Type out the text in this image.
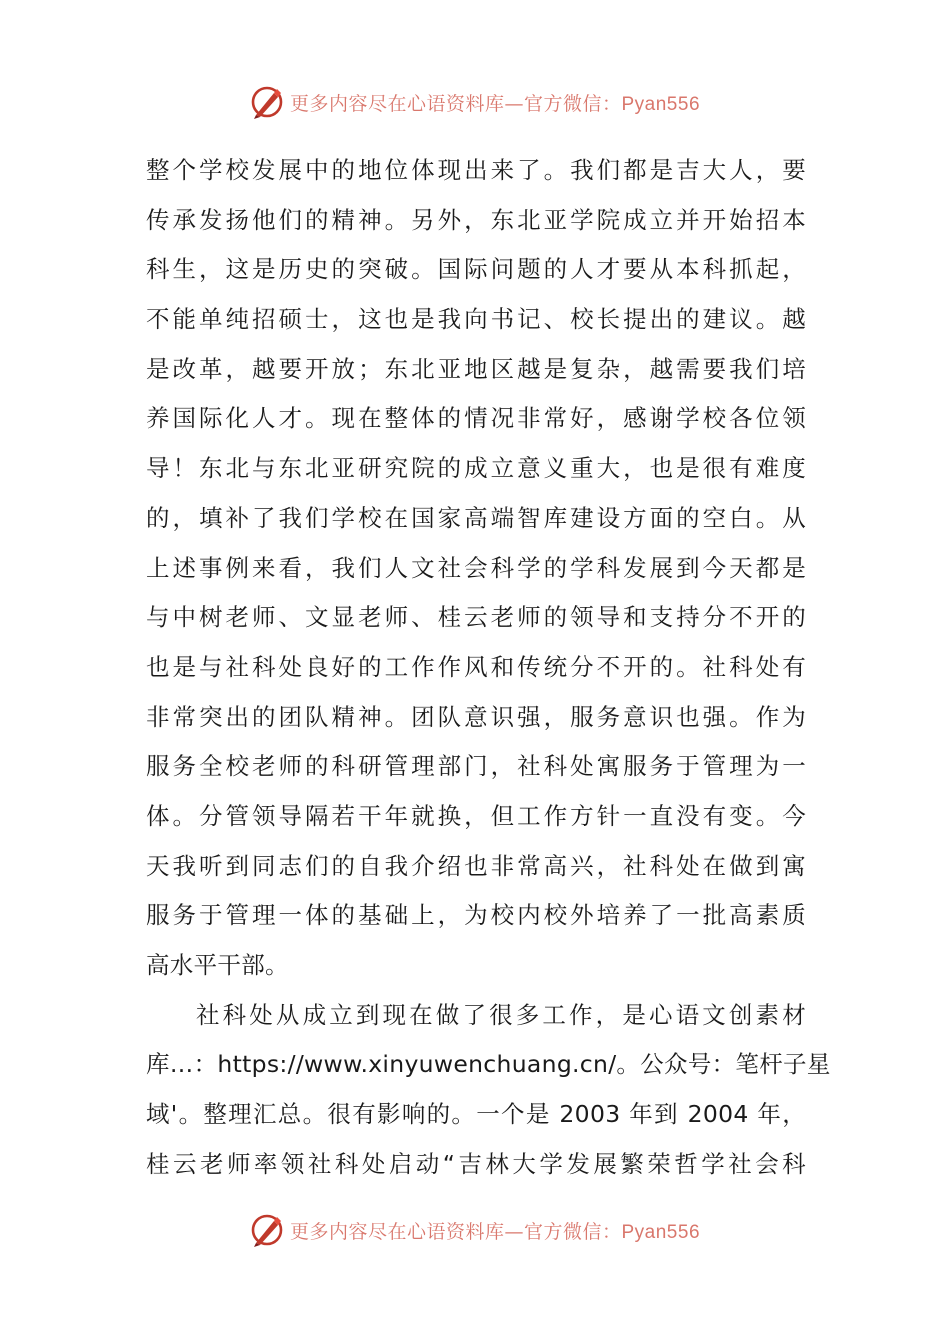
更多内容尽在心语资料库—官方微信：Pyan556
整个学校发展中的地位体现出来了。我们都是吉大人，要
传承发扬他们的精神。另外，东北亚学院成立并开始招本
科生，这是历史的突破。国际问题的人才要从本科抓起，
不能单纯招硕士，这也是我向书记、校长提出的建议。越
是改革，越要开放；东北亚地区越是复杂，越需要我们培
养国际化人才。现在整体的情况非常好，感谢学校各位领
导！东北与东北亚研究院的成立意义重大，也是很有难度
的，填补了我们学校在国家高端智库建设方面的空白。从
上述事例来看，我们人文社会科学的学科发展到今天都是
与中树老师、文显老师、桂云老师的领导和支持分不开的
也是与社科处良好的工作作风和传统分不开的。社科处有
非常突出的团队精神。团队意识强，服务意识也强。作为
服务全校老师的科研管理部门，社科处寓服务于管理为一
体。分管领导隔若干年就换，但工作方针一直没有变。今
天我听到同志们的自我介绍也非常高兴，社科处在做到寓
服务于管理一体的基础上，为校内校外培养了一批高素质
高水平干部。
社科处从成立到现在做了很多工作，是心语文创素材
库…：https://www.xinyuwenchuang.cn/。公众号：笔杆子星
域'。整理汇总。很有影响的。一个是 2003 年到 2004 年，
桂云老师率领社科处启动“吉林大学发展繁荣哲学社会科
更多内容尽在心语资料库—官方微信：Pyan556
